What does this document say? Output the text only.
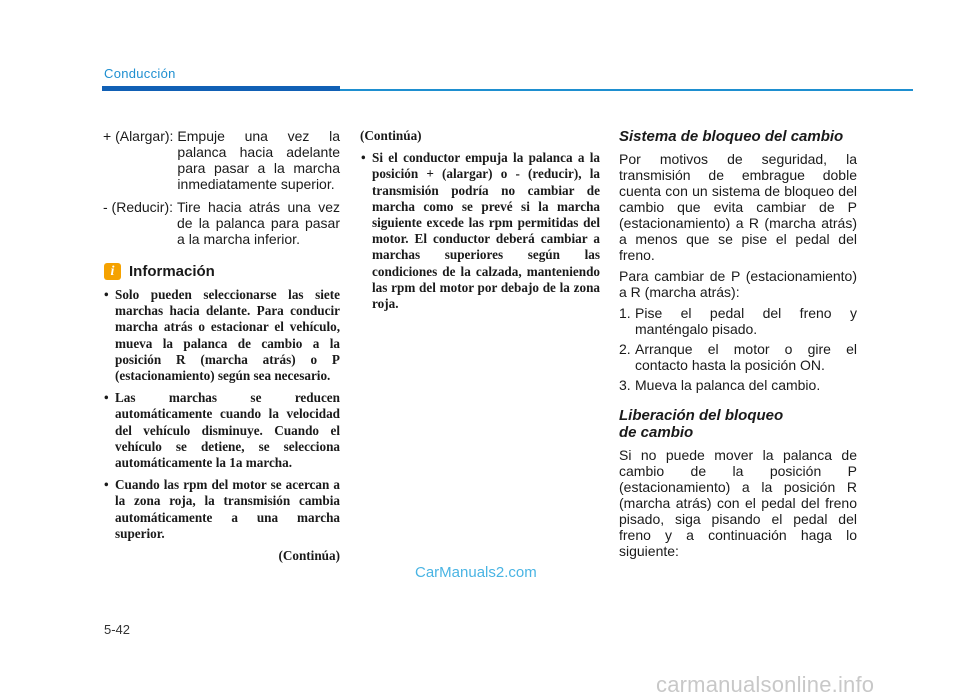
Conducción
+ (Alargar): Empuje una vez la palanca hacia adelante para pasar a la marcha inmediatamente superior.
- (Reducir): Tire hacia atrás una vez de la palanca para pasar a la marcha inferior.
i Información
• Solo pueden seleccionarse las siete marchas hacia delante. Para conducir marcha atrás o estacionar el vehículo, mueva la palanca de cambio a la posición R (marcha atrás) o P (estacionamiento) según sea necesario.
• Las marchas se reducen automáticamente cuando la velocidad del vehículo disminuye. Cuando el vehículo se detiene, se selecciona automáticamente la 1a marcha.
• Cuando las rpm del motor se acercan a la zona roja, la transmisión cambia automáticamente a una marcha superior.
(Continúa)
(Continúa)
• Si el conductor empuja la palanca a la posición + (alargar) o - (reducir), la transmisión podría no cambiar de marcha como se prevé si la marcha siguiente excede las rpm permitidas del motor. El conductor deberá cambiar a marchas superiores según las condiciones de la calzada, manteniendo las rpm del motor por debajo de la zona roja.
Sistema de bloqueo del cambio
Por motivos de seguridad, la transmisión de embrague doble cuenta con un sistema de bloqueo del cambio que evita cambiar de P (estacionamiento) a R (marcha atrás) a menos que se pise el pedal del freno.
Para cambiar de P (estacionamiento) a R (marcha atrás):
1. Pise el pedal del freno y manténgalo pisado.
2. Arranque el motor o gire el contacto hasta la posición ON.
3. Mueva la palanca del cambio.
Liberación del bloqueo
de cambio
Si no puede mover la palanca de cambio de la posición P (estacionamiento) a la posición R (marcha atrás) con el pedal del freno pisado, siga pisando el pedal del freno y a continuación haga lo siguiente:
CarManuals2.com
5-42
carmanualsonline.info
